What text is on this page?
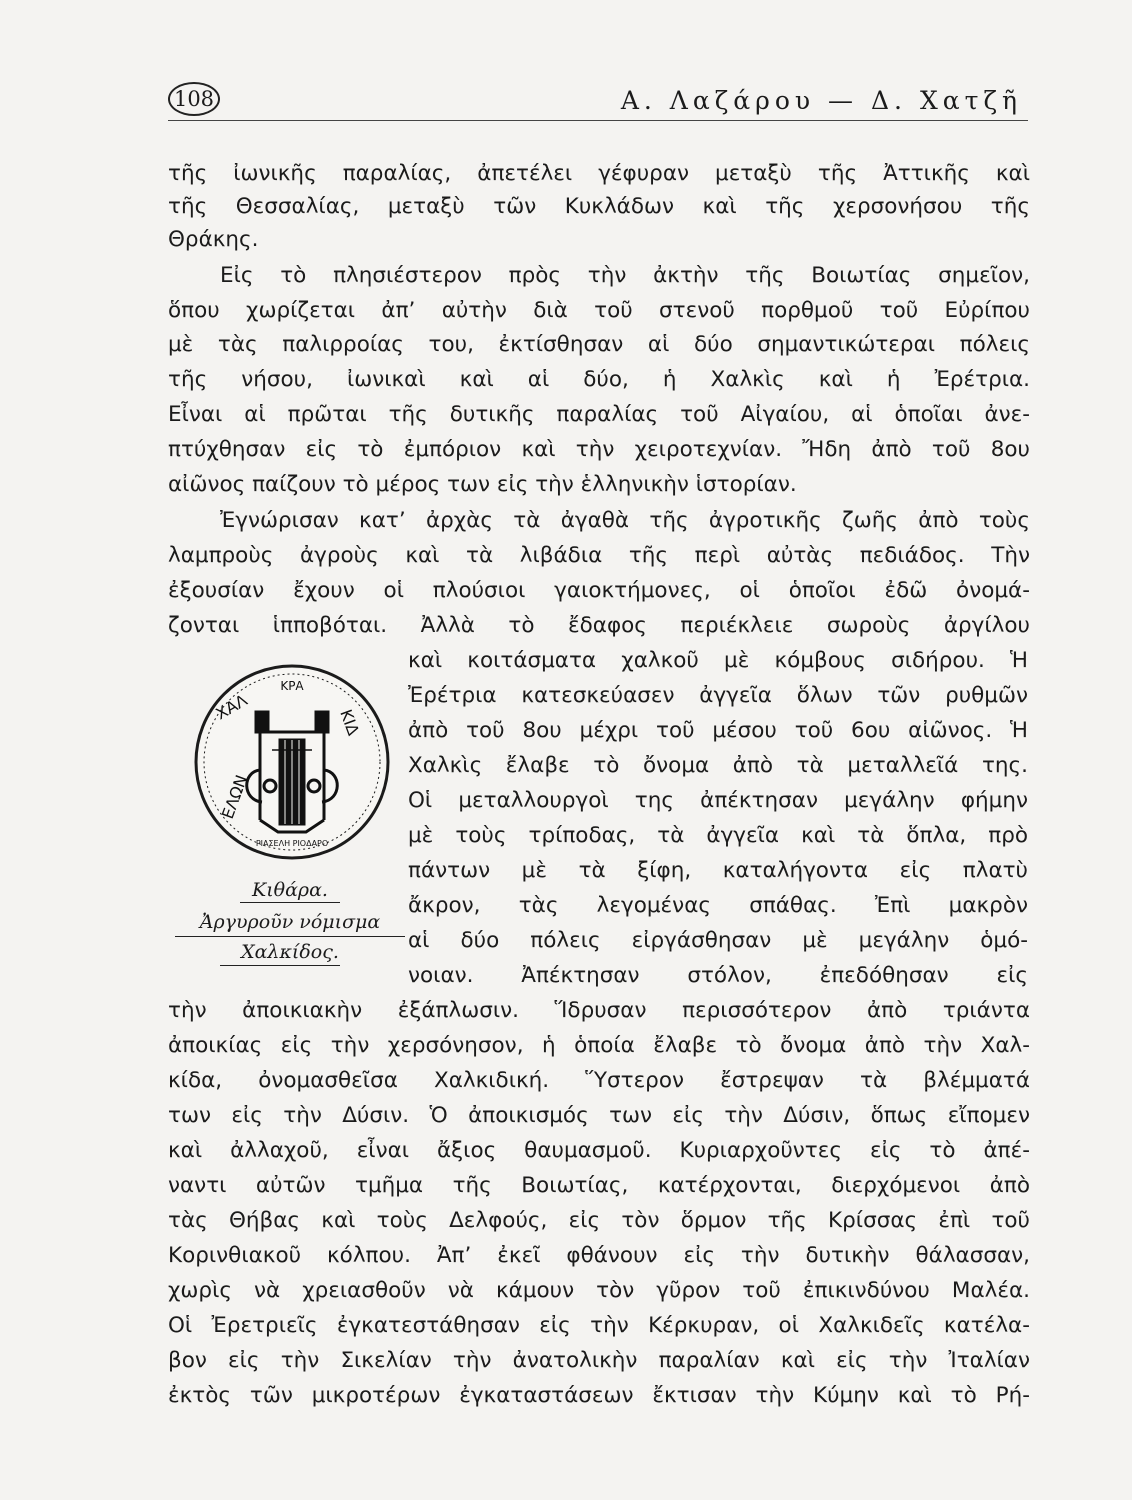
108	Α. Λαζάρου — Δ. Χατζῆ
τῆς ἰωνικῆς παραλίας, ἀπετέλει γέφυραν μεταξὺ τῆς Ἀττικῆς καὶ
τῆς Θεσσαλίας, μεταξὺ τῶν Κυκλάδων καὶ τῆς χερσονήσου τῆς
Θράκης.
Εἰς τὸ πλησιέστερον πρὸς τὴν ἀκτὴν τῆς Βοιωτίας σημεῖον,
ὅπου χωρίζεται ἀπ’ αὐτὴν διὰ τοῦ στενοῦ πορθμοῦ τοῦ Εὐρίπου
μὲ τὰς παλιρροίας του, ἐκτίσθησαν αἱ δύο σημαντικώτεραι πόλεις
τῆς νήσου, ἰωνικαὶ καὶ αἱ δύο, ἡ Χαλκὶς καὶ ἡ Ἐρέτρια.
Εἶναι αἱ πρῶται τῆς δυτικῆς παραλίας τοῦ Αἰγαίου, αἱ ὁποῖαι ἀνε-
πτύχθησαν εἰς τὸ ἐμπόριον καὶ τὴν χειροτεχνίαν. Ἤδη ἀπὸ τοῦ 8ου
αἰῶνος παίζουν τὸ μέρος των εἰς τὴν ἑλληνικὴν ἱστορίαν.
Ἐγνώρισαν κατ’ ἀρχὰς τὰ ἀγαθὰ τῆς ἀγροτικῆς ζωῆς ἀπὸ τοὺς
λαμπροὺς ἀγροὺς καὶ τὰ λιβάδια τῆς περὶ αὐτὰς πεδιάδος. Τὴν
ἐξουσίαν ἔχουν οἱ πλούσιοι γαιοκτήμονες, οἱ ὁποῖοι ἐδῶ ὀνομά-
ζονται ἱπποβόται. Ἀλλὰ τὸ ἔδαφος περιέκλειε σωροὺς ἀργίλου
καὶ κοιτάσματα χαλκοῦ μὲ κόμβους σιδήρου. Ἡ
Ἐρέτρια κατεσκεύασεν ἀγγεῖα ὅλων τῶν ρυθμῶν
ἀπὸ τοῦ 8ου μέχρι τοῦ μέσου τοῦ 6ου αἰῶνος. Ἡ
Χαλκὶς ἔλαβε τὸ ὄνομα ἀπὸ τὰ μεταλλεῖά της.
Οἱ μεταλλουργοὶ της ἀπέκτησαν μεγάλην φήμην
μὲ τοὺς τρίποδας, τὰ ἀγγεῖα καὶ τὰ ὅπλα, πρὸ
πάντων μὲ τὰ ξίφη, καταλήγοντα εἰς πλατὺ
ἄκρον, τὰς λεγομένας σπάθας. Ἐπὶ μακρὸν
αἱ δύο πόλεις εἰργάσθησαν μὲ μεγάλην ὁμό-
νοιαν. Ἀπέκτησαν στόλον, ἐπεδόθησαν εἰς
τὴν ἀποικιακὴν ἐξάπλωσιν. Ἵδρυσαν περισσότερον ἀπὸ τριάντα
ἀποικίας εἰς τὴν χερσόνησον, ἡ ὁποία ἔλαβε τὸ ὄνομα ἀπὸ τὴν Χαλ-
κίδα, ὀνομασθεῖσα Χαλκιδική. Ὕστερον ἔστρεψαν τὰ βλέμματά
των εἰς τὴν Δύσιν. Ὁ ἀποικισμός των εἰς τὴν Δύσιν, ὅπως εἴπομεν
καὶ ἀλλαχοῦ, εἶναι ἄξιος θαυμασμοῦ. Κυριαρχοῦντες εἰς τὸ ἀπέ-
ναντι αὐτῶν τμῆμα τῆς Βοιωτίας, κατέρχονται, διερχόμενοι ἀπὸ
τὰς Θήβας καὶ τοὺς Δελφούς, εἰς τὸν ὅρμον τῆς Κρίσσας ἐπὶ τοῦ
Κορινθιακοῦ κόλπου. Ἀπ’ ἐκεῖ φθάνουν εἰς τὴν δυτικὴν θάλασσαν,
χωρὶς νὰ χρειασθοῦν νὰ κάμουν τὸν γῦρον τοῦ ἐπικινδύνου Μαλέα.
Οἱ Ἐρετριεῖς ἐγκατεστάθησαν εἰς τὴν Κέρκυραν, οἱ Χαλκιδεῖς κατέλα-
βον εἰς τὴν Σικελίαν τὴν ἀνατολικὴν παραλίαν καὶ εἰς τὴν Ἰταλίαν
ἐκτὸς τῶν μικροτέρων ἐγκαταστάσεων ἔκτισαν τὴν Κύμην καὶ τὸ Ρή-
ΚΡΑ
ΧΑΛ	ΚΙΔ
ΕΛΩΝ
ΡΙΑΣΕΛΗ ΡΙΟΔΑΡΟ
Κιθάρα.
Ἀργυροῦν νόμισμα
Χαλκίδος.
